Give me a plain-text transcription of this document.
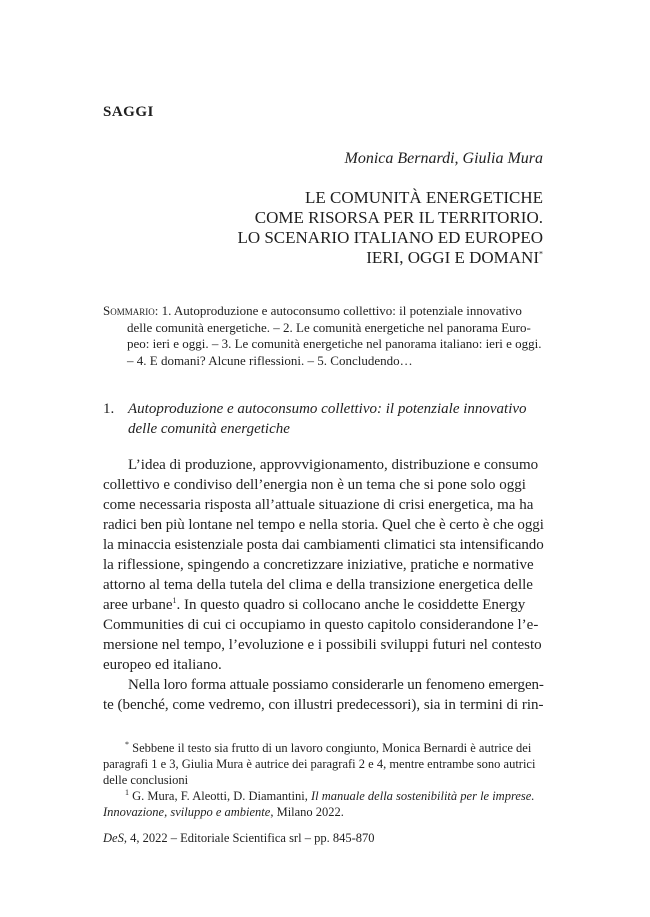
SAGGI
Monica Bernardi, Giulia Mura
LE COMUNITÀ ENERGETICHE
COME RISORSA PER IL TERRITORIO.
LO SCENARIO ITALIANO ED EUROPEO
IERI, OGGI E DOMANI*
Sommario: 1. Autoproduzione e autoconsumo collettivo: il potenziale innovativo
delle comunità energetiche. – 2. Le comunità energetiche nel panorama Euro-
peo: ieri e oggi. – 3. Le comunità energetiche nel panorama italiano: ieri e oggi.
– 4. E domani? Alcune riflessioni. – 5. Concludendo…
1. Autoproduzione e autoconsumo collettivo: il potenziale innovativo
delle comunità energetiche
L’idea di produzione, approvvigionamento, distribuzione e consumo
collettivo e condiviso dell’energia non è un tema che si pone solo oggi
come necessaria risposta all’attuale situazione di crisi energetica, ma ha
radici ben più lontane nel tempo e nella storia. Quel che è certo è che oggi
la minaccia esistenziale posta dai cambiamenti climatici sta intensificando
la riflessione, spingendo a concretizzare iniziative, pratiche e normative
attorno al tema della tutela del clima e della transizione energetica delle
aree urbane$^1$. In questo quadro si collocano anche le cosiddette Energy
Communities di cui ci occupiamo in questo capitolo considerandone l’e-
mersione nel tempo, l’evoluzione e i possibili sviluppi futuri nel contesto
europeo ed italiano.
Nella loro forma attuale possiamo considerarle un fenomeno emergen-
te (benché, come vedremo, con illustri predecessori), sia in termini di rin-
* Sebbene il testo sia frutto di un lavoro congiunto, Monica Bernardi è autrice dei
paragrafi 1 e 3, Giulia Mura è autrice dei paragrafi 2 e 4, mentre entrambe sono autrici
delle conclusioni
$^1$ G. Mura, F. Aleotti, D. Diamantini, Il manuale della sostenibilità per le imprese.
Innovazione, sviluppo e ambiente, Milano 2022.
DeS, 4, 2022 – Editoriale Scientifica srl – pp. 845-870
